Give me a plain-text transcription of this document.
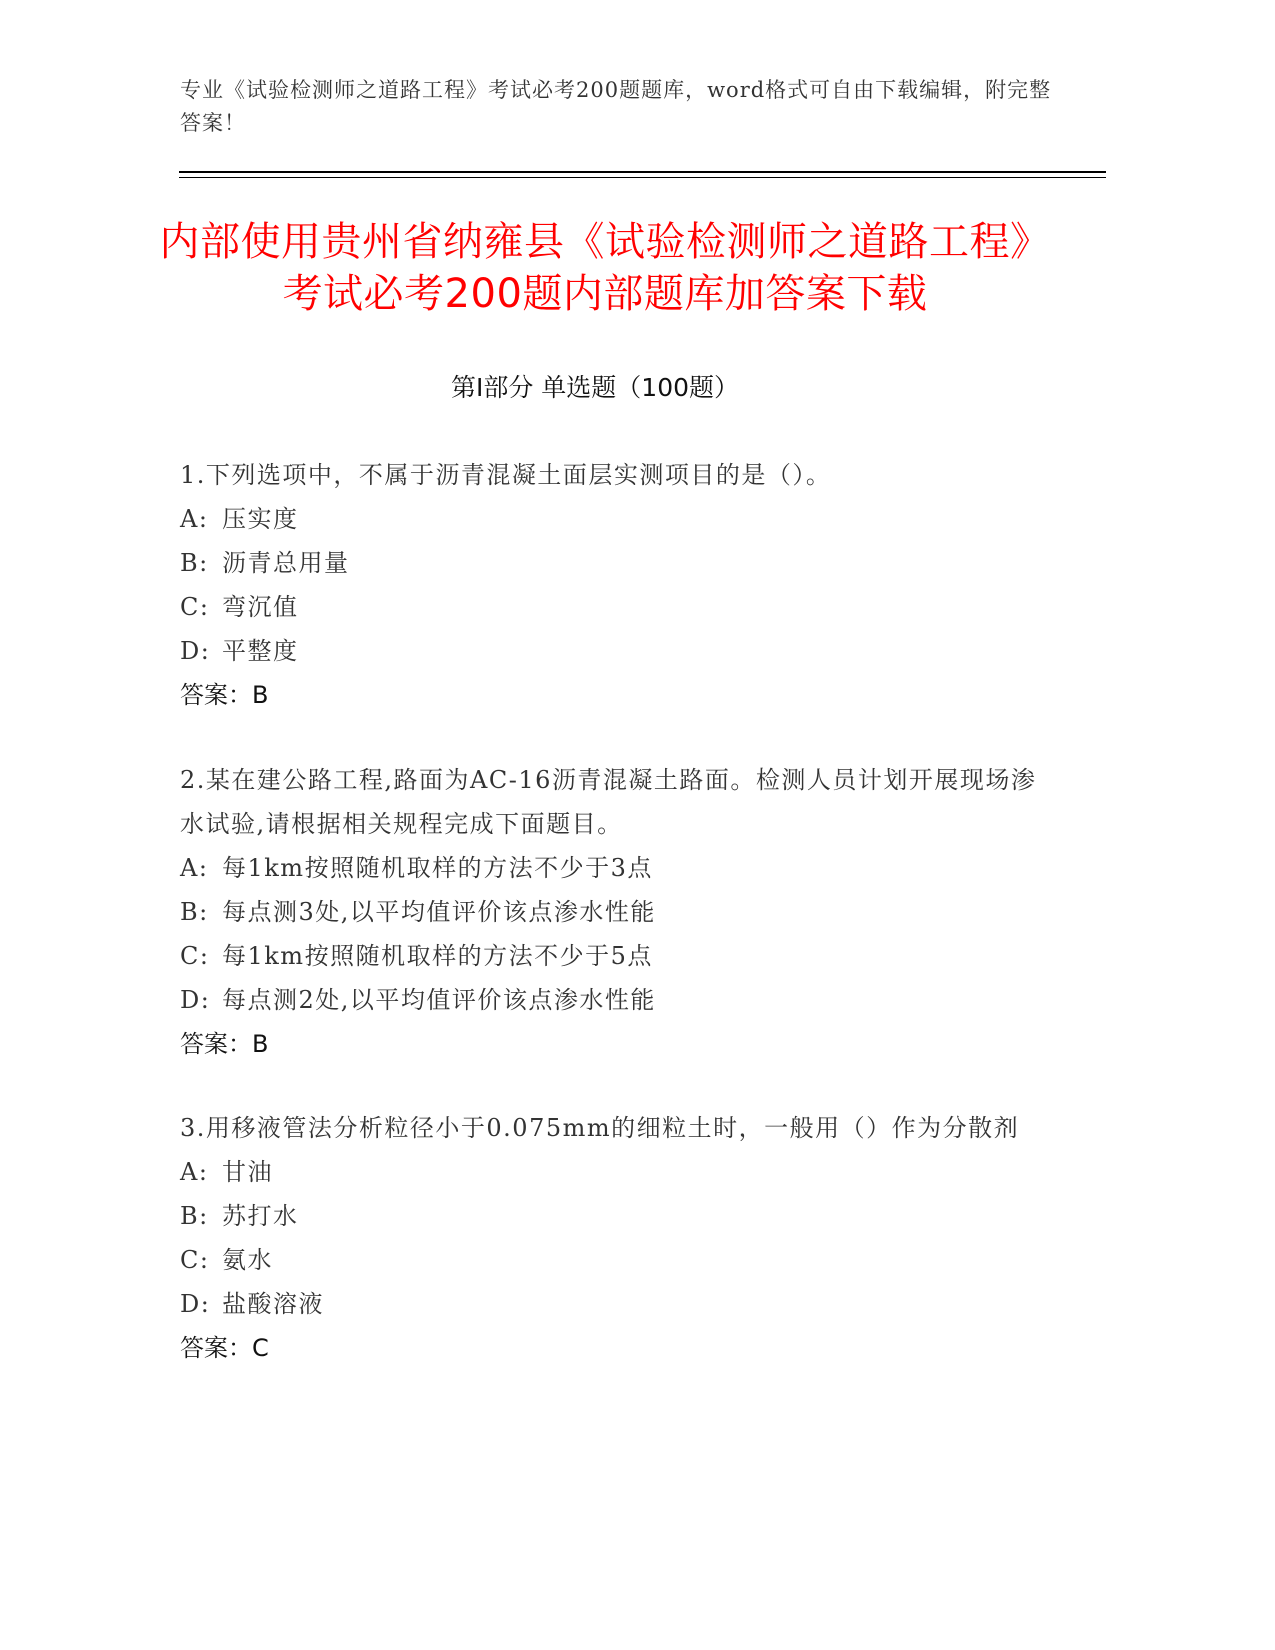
专业《试验检测师之道路工程》考试必考200题题库，word格式可自由下载编辑，附完整答案！
内部使用贵州省纳雍县《试验检测师之道路工程》考试必考200题内部题库加答案下载
第I部分 单选题（100题）
1.下列选项中，不属于沥青混凝土面层实测项目的是（）。
A: 压实度
B: 沥青总用量
C: 弯沉值
D: 平整度
答案：B
2.某在建公路工程,路面为AC-16沥青混凝土路面。检测人员计划开展现场渗水试验,请根据相关规程完成下面题目。
A: 每1km按照随机取样的方法不少于3点
B: 每点测3处,以平均值评价该点渗水性能
C: 每1km按照随机取样的方法不少于5点
D: 每点测2处,以平均值评价该点渗水性能
答案：B
3.用移液管法分析粒径小于0.075mm的细粒土时，一般用（）作为分散剂
A: 甘油
B: 苏打水
C: 氨水
D: 盐酸溶液
答案：C
